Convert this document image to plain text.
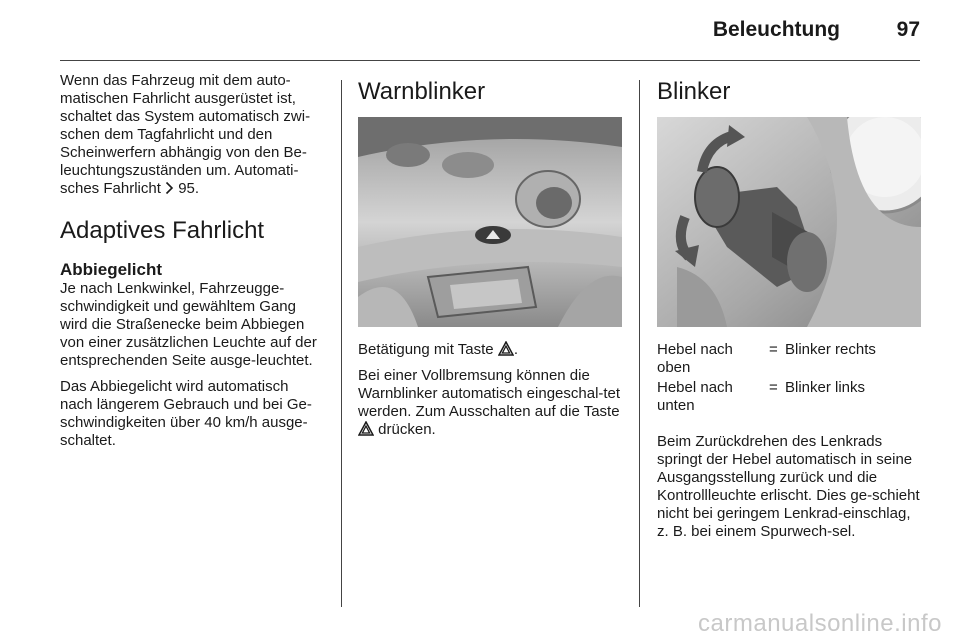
Beleuchtung	97

Wenn das Fahrzeug mit dem auto-matischen Fahrlicht ausgerüstet ist, schaltet das System automatisch zwi-schen dem Tagfahrlicht und den Scheinwerfern abhängig von den Be-leuchtungszuständen um. Automati-sches Fahrlicht 95.

Adaptives Fahrlicht
Abbiegelicht

Je nach Lenkwinkel, Fahrzeugge-schwindigkeit und gewähltem Gang wird die Straßenecke beim Abbiegen von einer zusätzlichen Leuchte auf der entsprechenden Seite ausge-leuchtet.

Das Abbiegelicht wird automatisch nach längerem Gebrauch und bei Ge-schwindigkeiten über 40 km/h ausge-schaltet.

Warnblinker

Betätigung mit Taste .

Bei einer Vollbremsung können die Warnblinker automatisch eingeschal-tet werden. Zum Ausschalten auf die Taste  drücken.

Blinker
Hebel nach oben
= Blinker rechts
Hebel nach unten
= Blinker links

Beim Zurückdrehen des Lenkrads springt der Hebel automatisch in seine Ausgangsstellung zurück und die Kontrollleuchte erlischt. Dies ge-schieht nicht bei geringem Lenkrad-einschlag, z. B. bei einem Spurwech-sel.

carmanualsonline.info
